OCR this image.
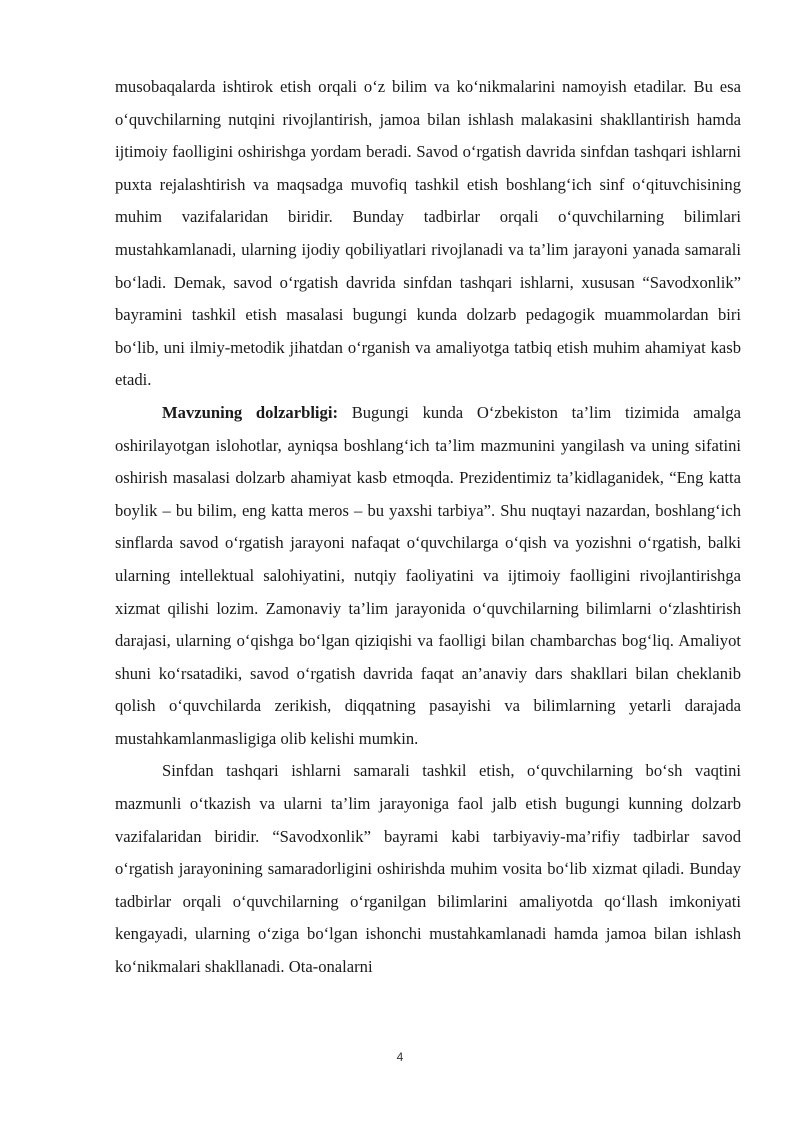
musobaqalarda ishtirok etish orqali o‘z bilim va ko‘nikmalarini namoyish etadilar. Bu esa o‘quvchilarning nutqini rivojlantirish, jamoa bilan ishlash malakasini shakllantirish hamda ijtimoiy faolligini oshirishga yordam beradi. Savod o‘rgatish davrida sinfdan tashqari ishlarni puxta rejalashtirish va maqsadga muvofiq tashkil etish boshlang‘ich sinf o‘qituvchisining muhim vazifalaridan biridir. Bunday tadbirlar orqali o‘quvchilarning bilimlari mustahkamlanadi, ularning ijodiy qobiliyatlari rivojlanadi va ta’lim jarayoni yanada samarali bo‘ladi. Demak, savod o‘rgatish davrida sinfdan tashqari ishlarni, xususan “Savodxonlik” bayramini tashkil etish masalasi bugungi kunda dolzarb pedagogik muammolardan biri bo‘lib, uni ilmiy-metodik jihatdan o‘rganish va amaliyotga tatbiq etish muhim ahamiyat kasb etadi.

Mavzuning dolzarbligi: Bugungi kunda O‘zbekiston ta’lim tizimida amalga oshirilayotgan islohotlar, ayniqsa boshlang‘ich ta’lim mazmunini yangilash va uning sifatini oshirish masalasi dolzarb ahamiyat kasb etmoqda. Prezidentimiz ta’kidlaganidek, “Eng katta boylik – bu bilim, eng katta meros – bu yaxshi tarbiya”. Shu nuqtayi nazardan, boshlang‘ich sinflarda savod o‘rgatish jarayoni nafaqat o‘quvchilarga o‘qish va yozishni o‘rgatish, balki ularning intellektual salohiyatini, nutqiy faoliyatini va ijtimoiy faolligini rivojlantirishga xizmat qilishi lozim. Zamonaviy ta’lim jarayonida o‘quvchilarning bilimlarni o‘zlashtirish darajasi, ularning o‘qishga bo‘lgan qiziqishi va faolligi bilan chambarchas bog‘liq. Amaliyot shuni ko‘rsatadiki, savod o‘rgatish davrida faqat an’anaviy dars shakllari bilan cheklanib qolish o‘quvchilarda zerikish, diqqatning pasayishi va bilimlarning yetarli darajada mustahkamlanmasligiga olib kelishi mumkin.

Sinfdan tashqari ishlarni samarali tashkil etish, o‘quvchilarning bo‘sh vaqtini mazmunli o‘tkazish va ularni ta’lim jarayoniga faol jalb etish bugungi kunning dolzarb vazifalaridan biridir. “Savodxonlik” bayrami kabi tarbiyaviy-ma’rifiy tadbirlar savod o‘rgatish jarayonining samaradorligini oshirishda muhim vosita bo‘lib xizmat qiladi. Bunday tadbirlar orqali o‘quvchilarning o‘rganilgan bilimlarini amaliyotda qo‘llash imkoniyati kengayadi, ularning o‘ziga bo‘lgan ishonchi mustahkamlanadi hamda jamoa bilan ishlash ko‘nikmalari shakllanadi. Ota-onalarni

4
